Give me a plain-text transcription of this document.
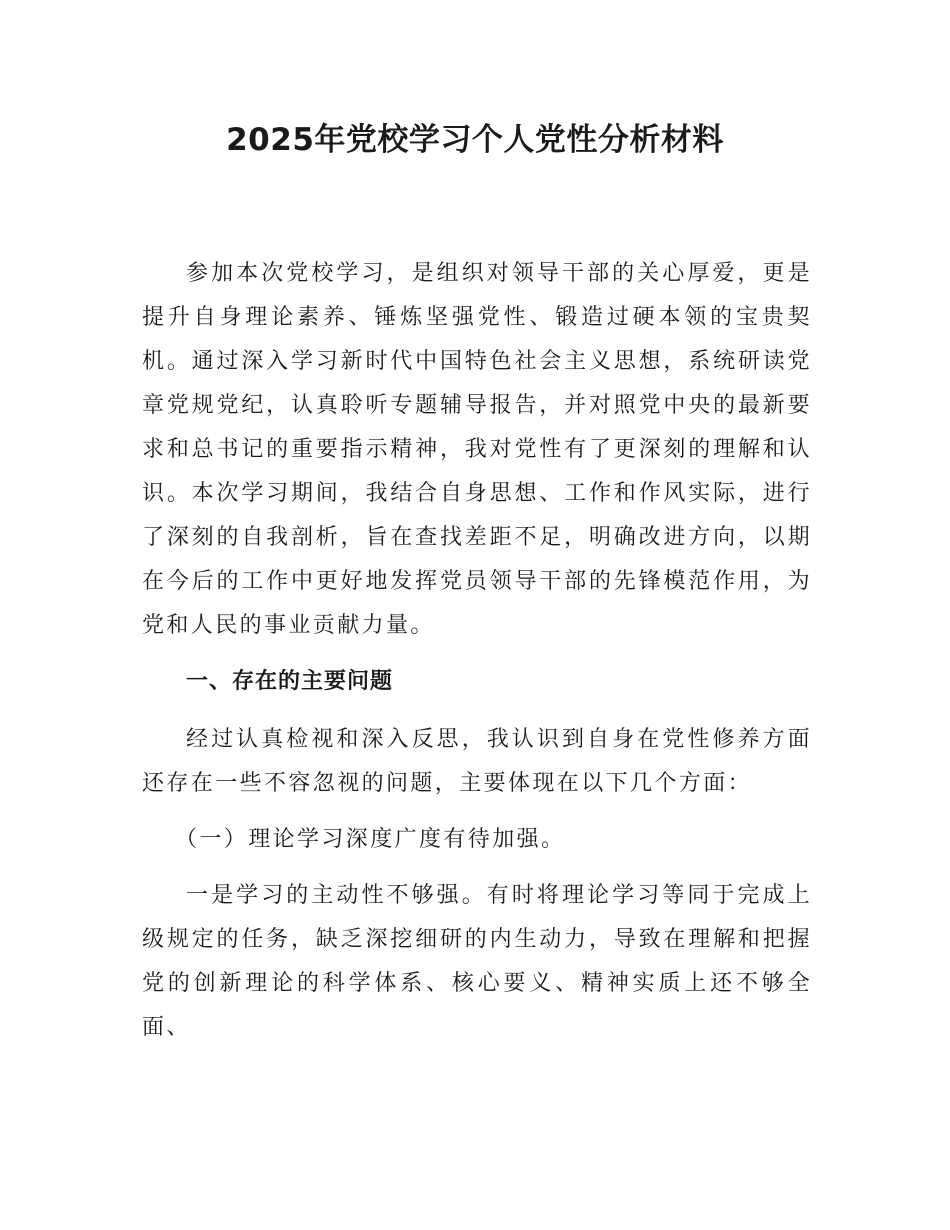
2025年党校学习个人党性分析材料

参加本次党校学习，是组织对领导干部的关心厚爱，更是提升自身理论素养、锤炼坚强党性、锻造过硬本领的宝贵契机。通过深入学习新时代中国特色社会主义思想，系统研读党章党规党纪，认真聆听专题辅导报告，并对照党中央的最新要求和总书记的重要指示精神，我对党性有了更深刻的理解和认识。本次学习期间，我结合自身思想、工作和作风实际，进行了深刻的自我剖析，旨在查找差距不足，明确改进方向，以期在今后的工作中更好地发挥党员领导干部的先锋模范作用，为党和人民的事业贡献力量。

一、存在的主要问题

经过认真检视和深入反思，我认识到自身在党性修养方面还存在一些不容忽视的问题，主要体现在以下几个方面：

（一）理论学习深度广度有待加强。

一是学习的主动性不够强。有时将理论学习等同于完成上级规定的任务，缺乏深挖细研的内生动力，导致在理解和把握党的创新理论的科学体系、核心要义、精神实质上还不够全面、
